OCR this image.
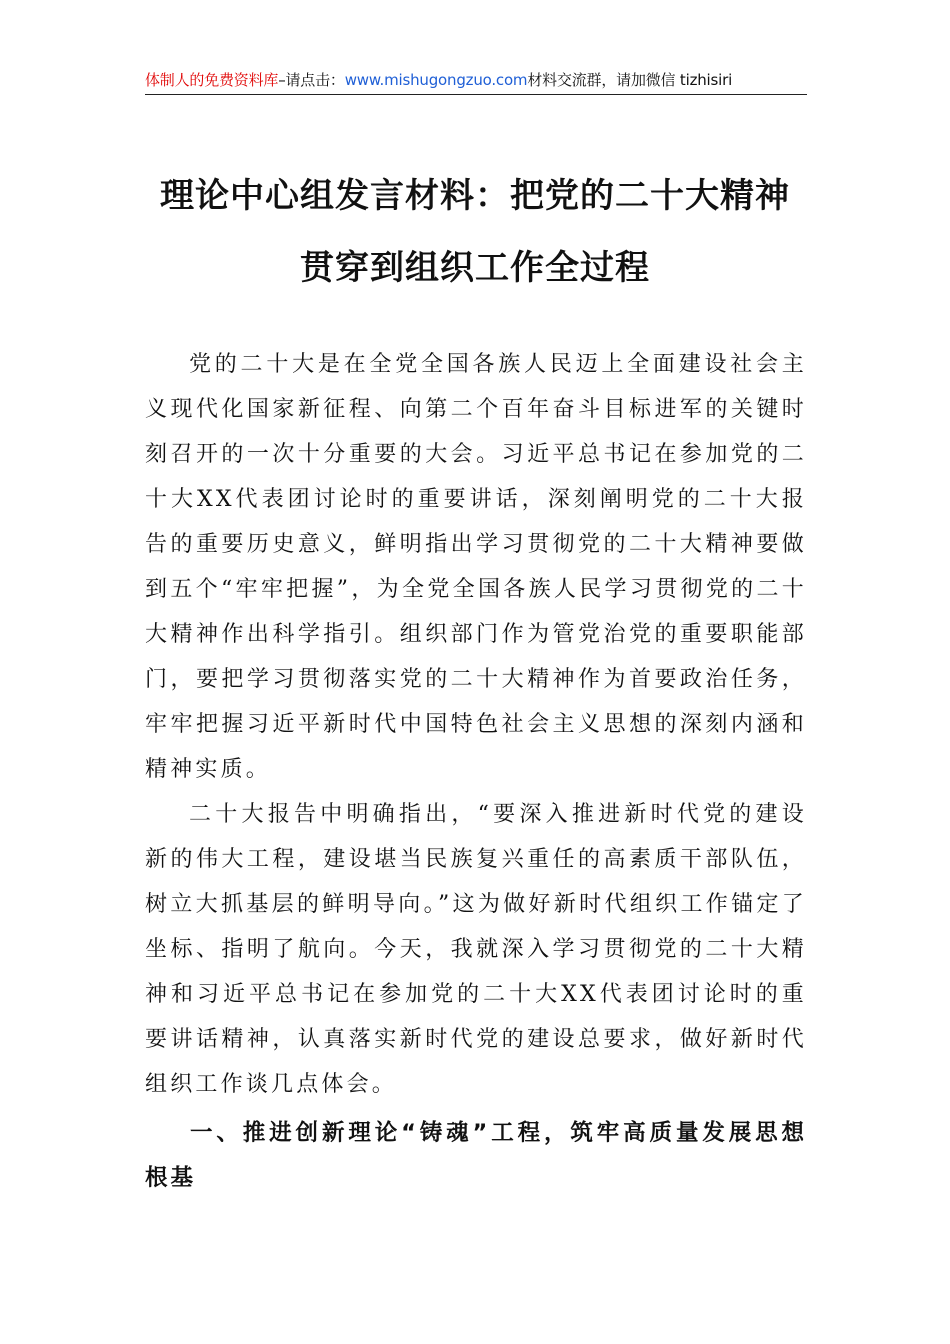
体制人的免费资料库–请点击：www.mishugongzuo.com材料交流群，请加微信 tizhisiri
理论中心组发言材料：把党的二十大精神
贯穿到组织工作全过程

党的二十大是在全党全国各族人民迈上全面建设社会主义现代化国家新征程、向第二个百年奋斗目标进军的关键时刻召开的一次十分重要的大会。习近平总书记在参加党的二十大XX代表团讨论时的重要讲话，深刻阐明党的二十大报告的重要历史意义，鲜明指出学习贯彻党的二十大精神要做到五个“牢牢把握”，为全党全国各族人民学习贯彻党的二十大精神作出科学指引。组织部门作为管党治党的重要职能部门，要把学习贯彻落实党的二十大精神作为首要政治任务，牢牢把握习近平新时代中国特色社会主义思想的深刻内涵和精神实质。

二十大报告中明确指出，“要深入推进新时代党的建设新的伟大工程，建设堪当民族复兴重任的高素质干部队伍，树立大抓基层的鲜明导向。”这为做好新时代组织工作锚定了坐标、指明了航向。今天，我就深入学习贯彻党的二十大精神和习近平总书记在参加党的二十大XX代表团讨论时的重要讲话精神，认真落实新时代党的建设总要求，做好新时代组织工作谈几点体会。

一、推进创新理论“铸魂”工程，筑牢高质量发展思想根基
